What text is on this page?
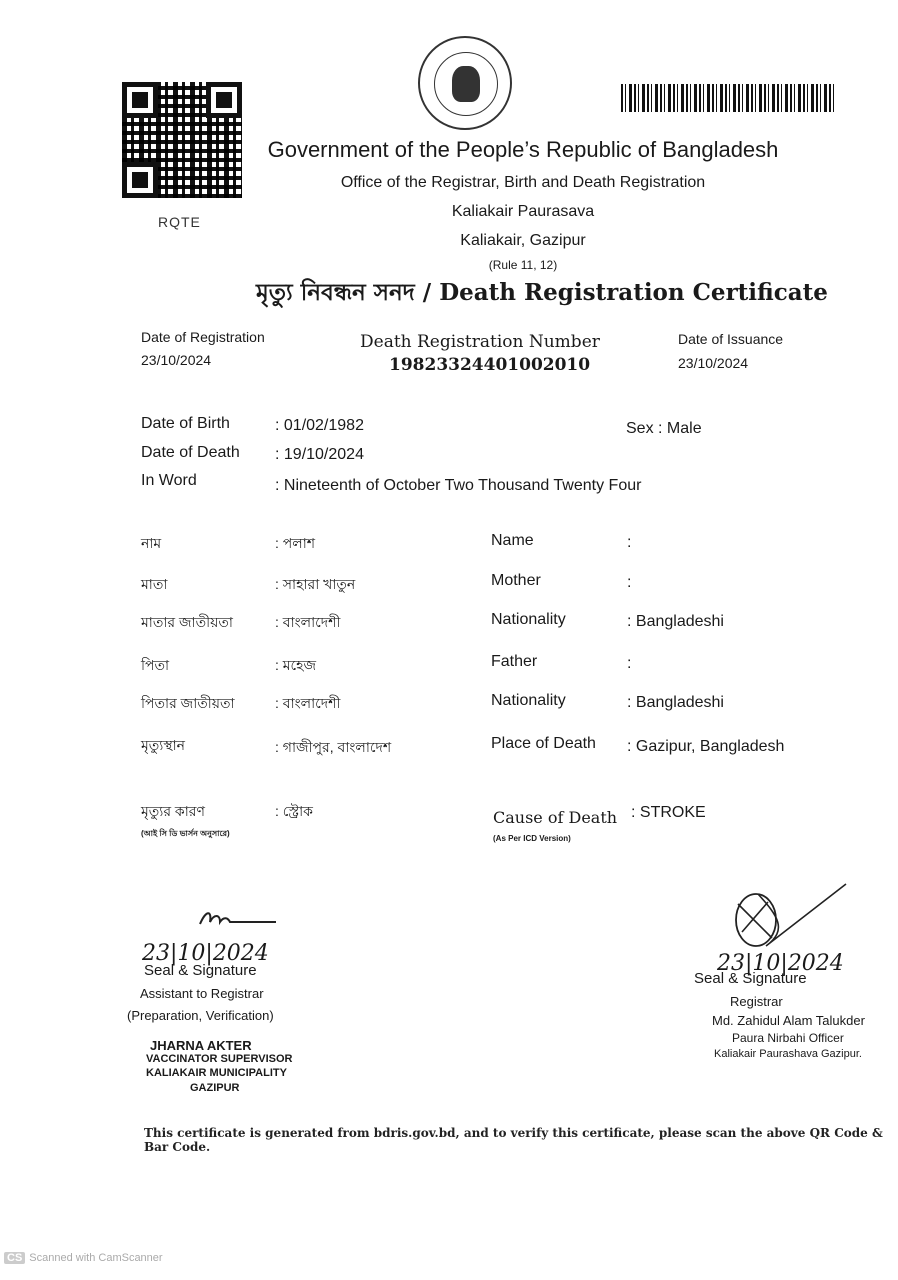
RQTE
Government of the People’s Republic of Bangladesh
Office of the Registrar, Birth and Death Registration
Kaliakair Paurasava
Kaliakair, Gazipur
(Rule 11, 12)
মৃত্যু নিবন্ধন সনদ / Death Registration Certificate
Date of Registration
23/10/2024
Death Registration Number
19823324401002010
Date of Issuance
23/10/2024
Date of Birth	: 01/02/1982
Date of Death : 19/10/2024
In Word	: Nineteenth of October Two Thousand Twenty Four
Sex : Male
নাম	: পলাশ
মাতা	: সাহারা খাতুন
মাতার জাতীয়তা	: বাংলাদেশী
পিতা	: মহেজ
পিতার জাতীয়তা	: বাংলাদেশী
মৃত্যুস্থান	: গাজীপুর, বাংলাদেশ
মৃত্যুর কারণ
(আই সি ডি ভার্সন অনুসারে)
: স্ট্রোক
Name	:
Mother	:
Nationality	: Bangladeshi
Father	:
Nationality	: Bangladeshi
Place of Death : Gazipur, Bangladesh
Cause of Death
(As Per ICD Version)
: STROKE
23|10|2024
Seal & Signature
Assistant to Registrar
(Preparation, Verification)
JHARNA AKTER
VACCINATOR SUPERVISOR
KALIAKAIR MUNICIPALITY
GAZIPUR
23|10|2024
Seal & Signature
Registrar
Md. Zahidul Alam Talukder
Paura Nirbahi Officer
Kaliakair Paurashava Gazipur.
This certificate is generated from bdris.gov.bd, and to verify this certificate, please scan the above QR Code & Bar Code.
CS Scanned with CamScanner
